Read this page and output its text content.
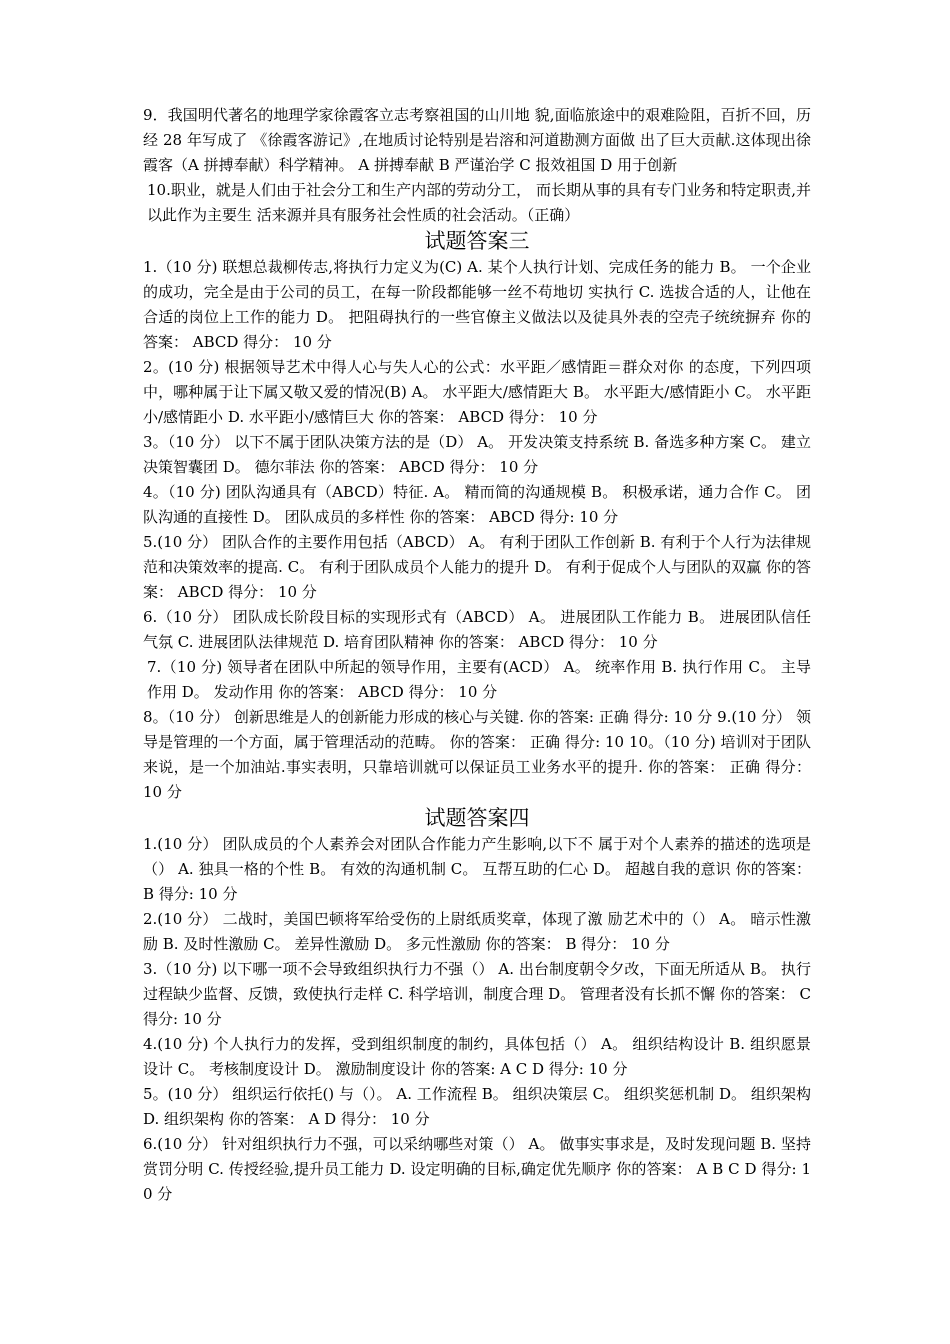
9．我国明代著名的地理学家徐霞客立志考察祖国的山川地 貌,面临旅途中的艰难险阻，百折不回，历经 28 年写成了 《徐霞客游记》,在地质讨论特别是岩溶和河道勘测方面做 出了巨大贡献.这体现出徐霞客（A 拼搏奉献）科学精神。 A 拼搏奉献 B 严谨治学 C 报效祖国 D 用于创新

10.职业，就是人们由于社会分工和生产内部的劳动分工， 而长期从事的具有专门业务和特定职责,并以此作为主要生 活来源并具有服务社会性质的社会活动。（正确）

试题答案三

1.（10 分) 联想总裁柳传志,将执行力定义为(C) A. 某个人执行计划、完成任务的能力 B。 一个企业的成功，完全是由于公司的员工，在每一阶段都能够一丝不苟地切 实执行 C. 选拔合适的人，让他在合适的岗位上工作的能力 D。 把阻碍执行的一些官僚主义做法以及徒具外表的空壳子统统摒弃 你的答案： ABCD 得分： 10 分

2。(10 分) 根据领导艺术中得人心与失人心的公式：水平距／感情距＝群众对你 的态度，下列四项中，哪种属于让下属又敬又爱的情况(B) A。 水平距大/感情距大 B。 水平距大/感情距小 C。 水平距小/感情距小 D. 水平距小/感情巨大 你的答案： ABCD 得分： 10 分

3。（10 分） 以下不属于团队决策方法的是（D） A。 开发决策支持系统 B. 备选多种方案 C。 建立决策智囊团 D。 德尔菲法 你的答案： ABCD 得分： 10 分

4。（10 分) 团队沟通具有（ABCD）特征. A。 精而简的沟通规模 B。 积极承诺，通力合作 C。 团队沟通的直接性 D。 团队成员的多样性 你的答案： ABCD 得分: 10 分

5.(10 分） 团队合作的主要作用包括（ABCD） A。 有利于团队工作创新 B. 有利于个人行为法律规范和决策效率的提高. C。 有利于团队成员个人能力的提升 D。 有利于促成个人与团队的双赢 你的答案： ABCD 得分： 10 分

6.（10 分） 团队成长阶段目标的实现形式有（ABCD） A。 进展团队工作能力 B。 进展团队信任气氛 C. 进展团队法律规范 D. 培育团队精神 你的答案： ABCD 得分： 10 分

7.（10 分) 领导者在团队中所起的领导作用，主要有(ACD） A。 统率作用 B. 执行作用 C。 主导作用 D。 发动作用 你的答案： ABCD 得分： 10 分

8。（10 分） 创新思维是人的创新能力形成的核心与关键. 你的答案: 正确 得分: 10 分 9.(10 分） 领导是管理的一个方面，属于管理活动的范畴。 你的答案： 正确 得分: 10 10。（10 分) 培训对于团队来说，是一个加油站.事实表明，只靠培训就可以保证员工业务水平的提升. 你的答案： 正确 得分： 10 分

试题答案四

1.(10 分） 团队成员的个人素养会对团队合作能力产生影响,以下不 属于对个人素养的描述的选项是（） A. 独具一格的个性 B。 有效的沟通机制 C。 互帮互助的仁心 D。 超越自我的意识 你的答案： B 得分: 10 分

2.(10 分） 二战时，美国巴顿将军给受伤的上尉纸质奖章，体现了激 励艺术中的（） A。 暗示性激励 B. 及时性激励 C。 差异性激励 D。 多元性激励 你的答案： B 得分： 10 分

3.（10 分) 以下哪一项不会导致组织执行力不强（） A. 出台制度朝令夕改，下面无所适从 B。 执行过程缺少监督、反馈，致使执行走样 C. 科学培训，制度合理 D。 管理者没有长抓不懈 你的答案： C 得分: 10 分

4.(10 分) 个人执行力的发挥，受到组织制度的制约，具体包括（） A。 组织结构设计 B. 组织愿景设计 C。 考核制度设计 D。 激励制度设计 你的答案: A C D 得分: 10 分

5。(10 分） 组织运行依托() 与（）。 A. 工作流程 B。 组织决策层 C。 组织奖惩机制 D。 组织架构 D. 组织架构 你的答案： A D 得分： 10 分

6.(10 分） 针对组织执行力不强，可以采纳哪些对策（） A。 做事实事求是，及时发现问题 B. 坚持赏罚分明 C. 传授经验,提升员工能力 D. 设定明确的目标,确定优先顺序 你的答案： A B C D 得分: 10 分
